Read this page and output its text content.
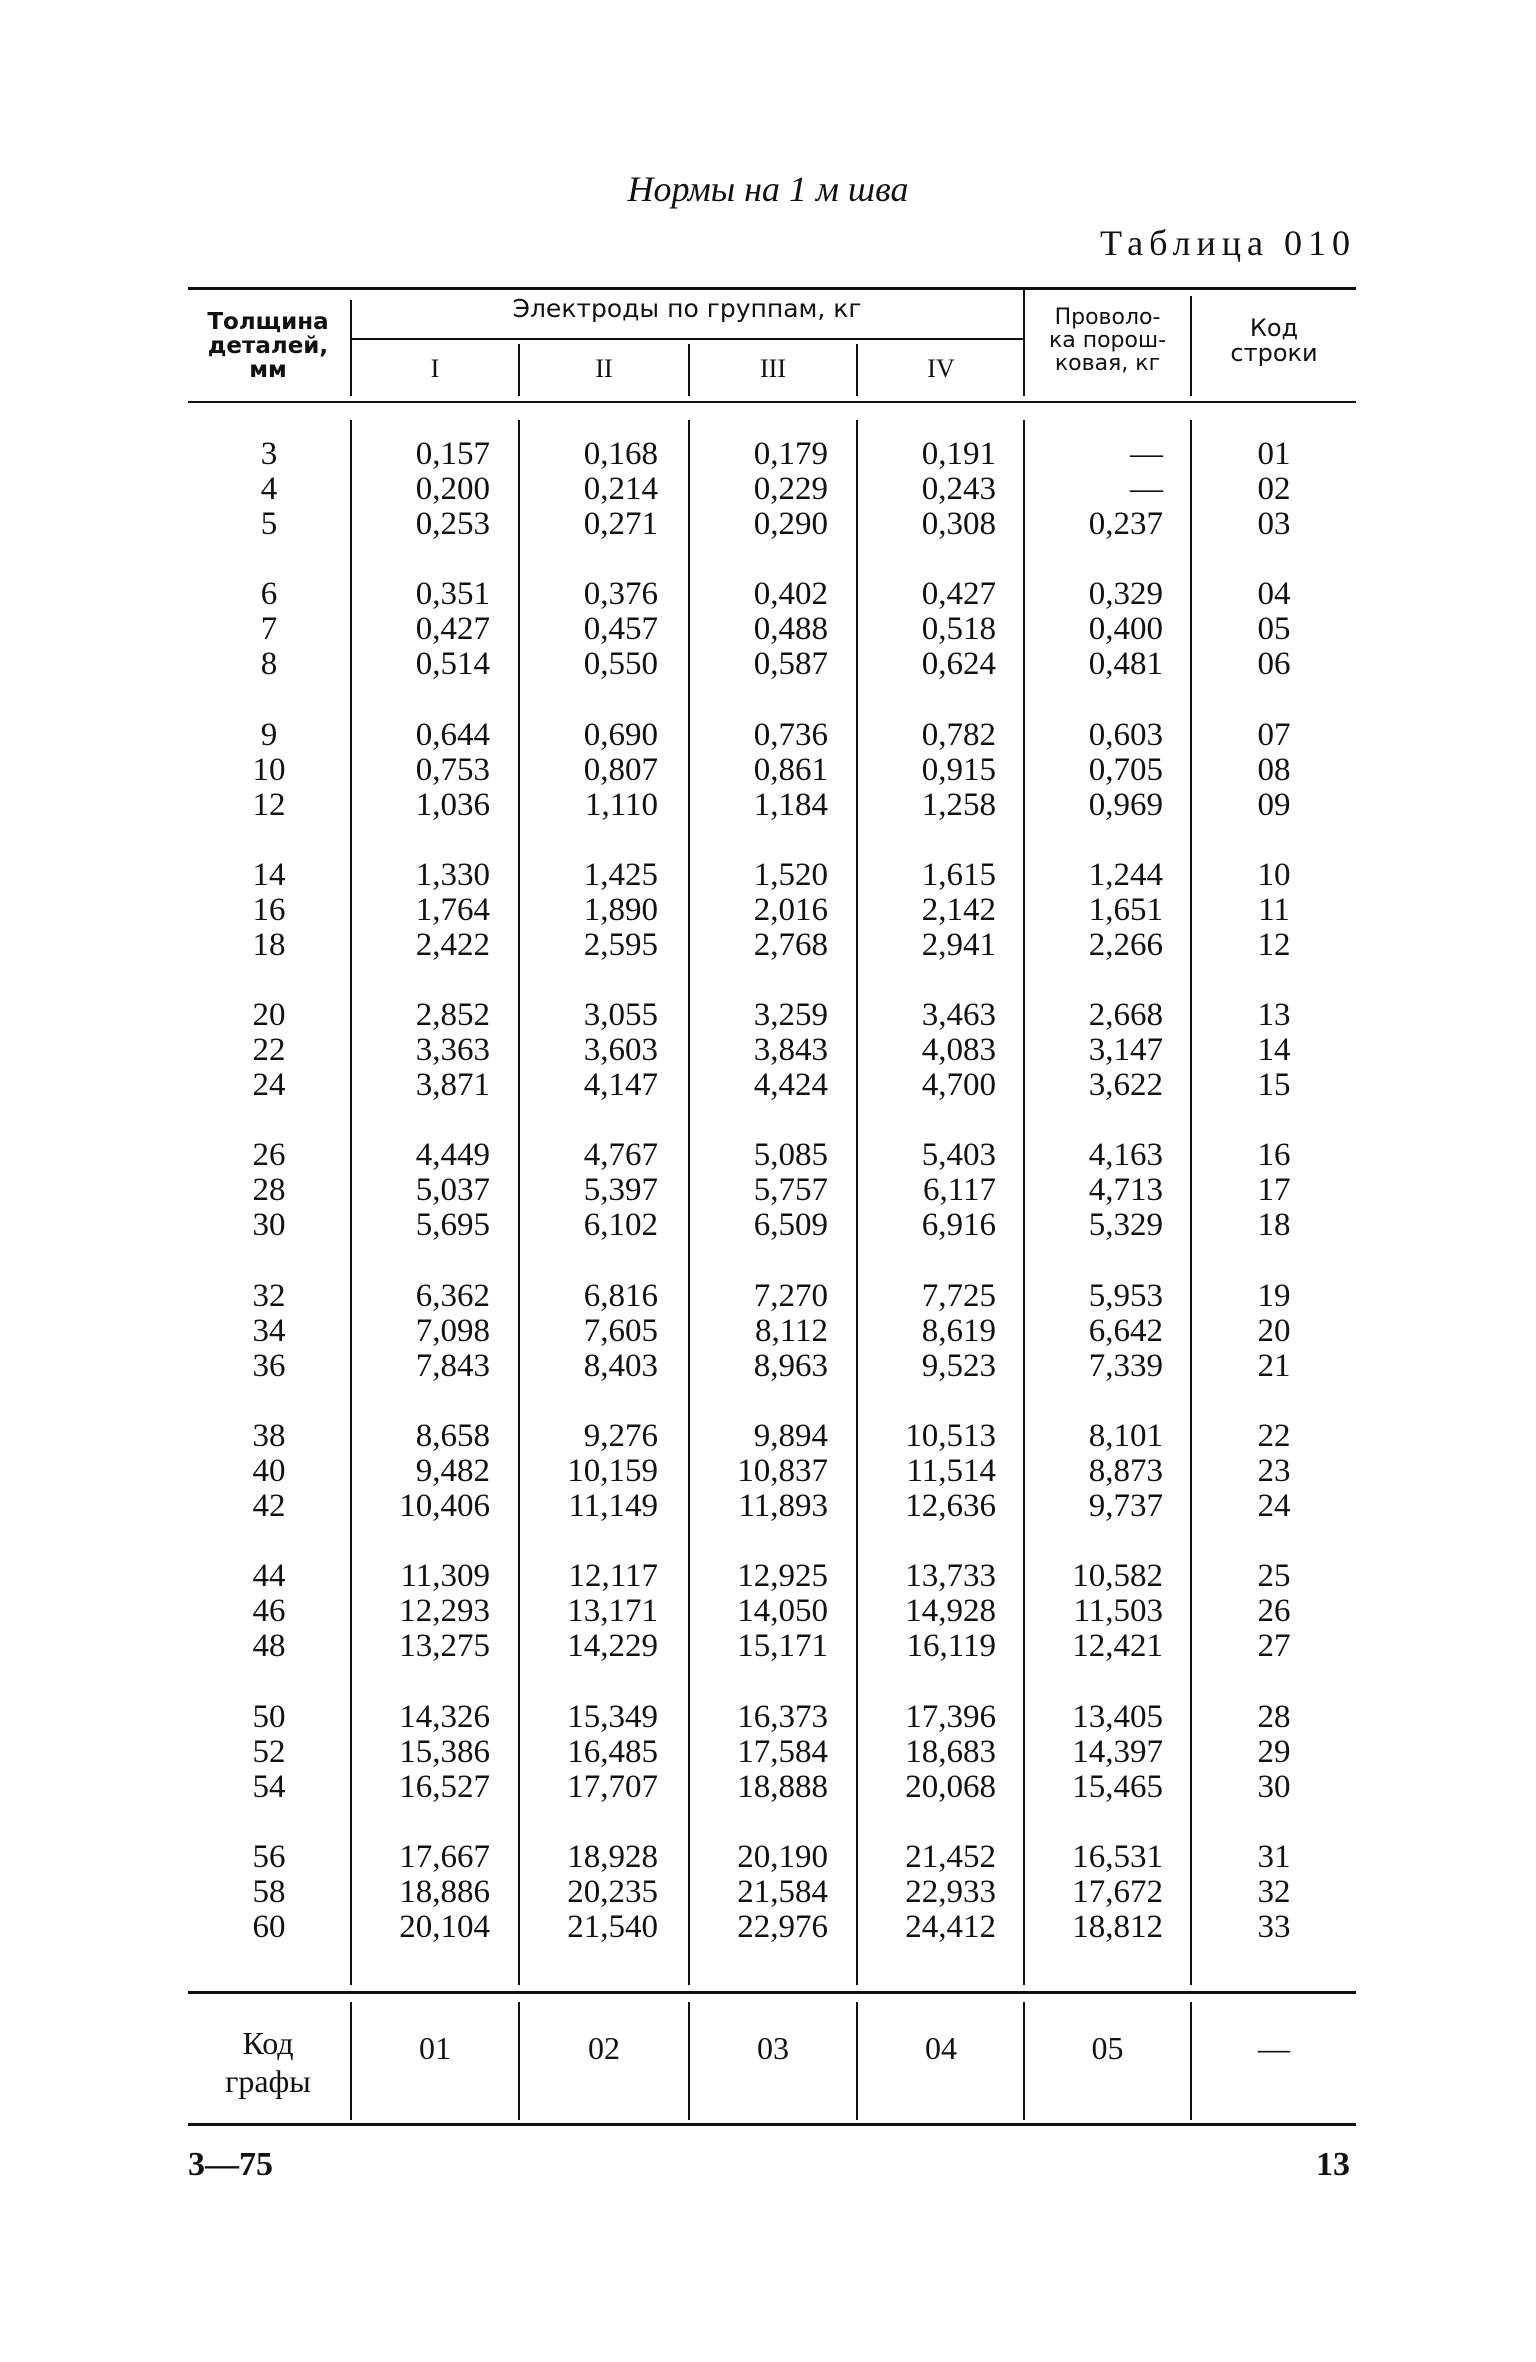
Нормы на 1 м шва
Таблица 010
Толщина
деталей,
мм
Электроды по группам, кг
I	II	III	IV
Проволо-
ка порош-
ковая, кг
Код
строки
3	0,157	0,168	0,179	0,191	—	01
4	0,200	0,214	0,229	0,243	—	02
5	0,253	0,271	0,290	0,308	0,237	03
6	0,351	0,376	0,402	0,427	0,329	04
7	0,427	0,457	0,488	0,518	0,400	05
8	0,514	0,550	0,587	0,624	0,481	06
9	0,644	0,690	0,736	0,782	0,603	07
10	0,753	0,807	0,861	0,915	0,705	08
12	1,036	1,110	1,184	1,258	0,969	09
14	1,330	1,425	1,520	1,615	1,244	10
16	1,764	1,890	2,016	2,142	1,651	11
18	2,422	2,595	2,768	2,941	2,266	12
20	2,852	3,055	3,259	3,463	2,668	13
22	3,363	3,603	3,843	4,083	3,147	14
24	3,871	4,147	4,424	4,700	3,622	15
26	4,449	4,767	5,085	5,403	4,163	16
28	5,037	5,397	5,757	6,117	4,713	17
30	5,695	6,102	6,509	6,916	5,329	18
32	6,362	6,816	7,270	7,725	5,953	19
34	7,098	7,605	8,112	8,619	6,642	20
36	7,843	8,403	8,963	9,523	7,339	21
38	8,658	9,276	9,894	10,513	8,101	22
40	9,482	10,159	10,837	11,514	8,873	23
42	10,406	11,149	11,893	12,636	9,737	24
44	11,309	12,117	12,925	13,733	10,582	25
46	12,293	13,171	14,050	14,928	11,503	26
48	13,275	14,229	15,171	16,119	12,421	27
50	14,326	15,349	16,373	17,396	13,405	28
52	15,386	16,485	17,584	18,683	14,397	29
54	16,527	17,707	18,888	20,068	15,465	30
56	17,667	18,928	20,190	21,452	16,531	31
58	18,886	20,235	21,584	22,933	17,672	32
60	20,104	21,540	22,976	24,412	18,812	33
Код
графы
01	02	03	04	05	—
3—75	13
